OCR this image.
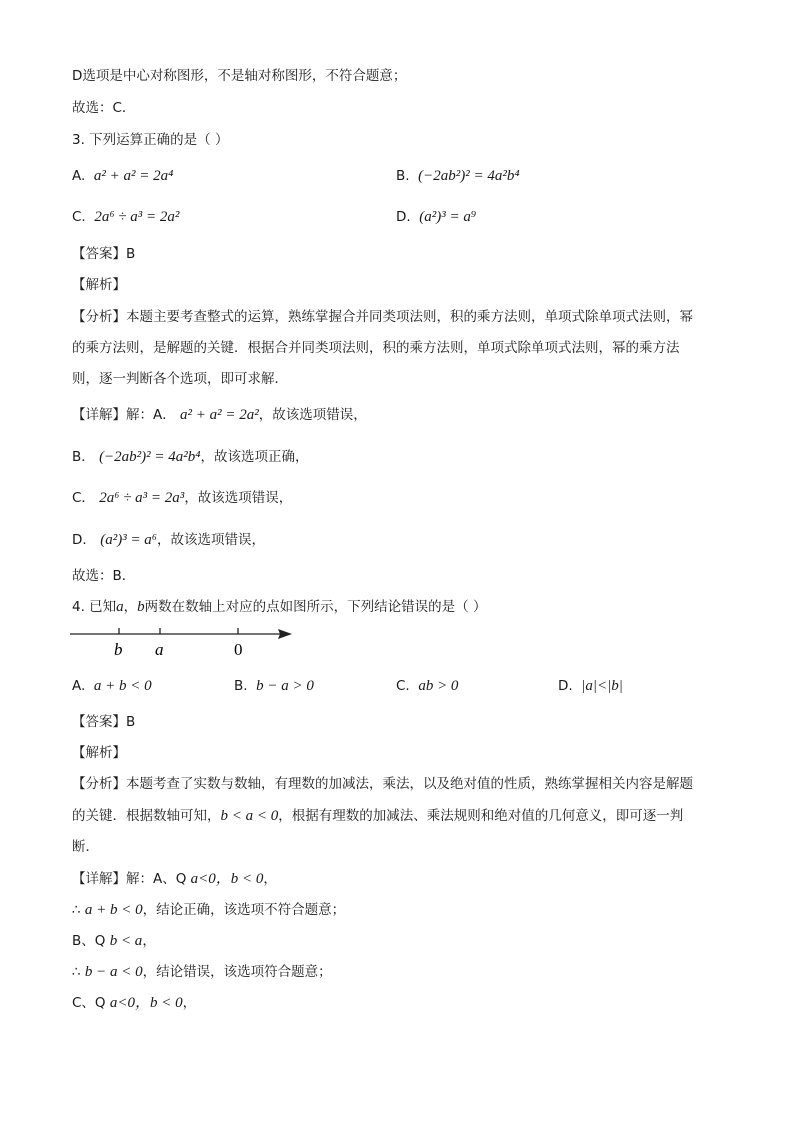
D选项是中心对称图形，不是轴对称图形，不符合题意；
故选：C．
3. 下列运算正确的是（ ）
A. a² + a² = 2a⁴	B. (−2ab²)² = 4a²b⁴
C. 2a⁶ ÷ a³ = 2a²	D. (a²)³ = a⁹
【答案】B
【解析】
【分析】本题主要考查整式的运算，熟练掌握合并同类项法则，积的乘方法则，单项式除单项式法则，幂
的乘方法则，是解题的关键．根据合并同类项法则，积的乘方法则，单项式除单项式法则，幂的乘方法
则，逐一判断各个选项，即可求解．
【详解】解：A． a² + a² = 2a²，故该选项错误，
B． (−2ab²)² = 4a²b⁴，故该选项正确，
C． 2a⁶ ÷ a³ = 2a³，故该选项错误，
D． (a²)³ = a⁶，故该选项错误，
故选：B．
4. 已知a，b两数在数轴上对应的点如图所示，下列结论错误的是（ ）
b a	0
A. a + b < 0	B. b − a > 0	C. ab > 0	D. |a|<|b|
【答案】B
【解析】
【分析】本题考查了实数与数轴，有理数的加减法，乘法，以及绝对值的性质，熟练掌握相关内容是解题
的关键．根据数轴可知，b < a < 0，根据有理数的加减法、乘法规则和绝对值的几何意义，即可逐一判
断．
【详解】解：A、Q a<0，b < 0，
∴ a + b < 0，结论正确，该选项不符合题意；
B、Q b < a，
∴ b − a < 0，结论错误，该选项符合题意；
C、Q a<0，b < 0，
